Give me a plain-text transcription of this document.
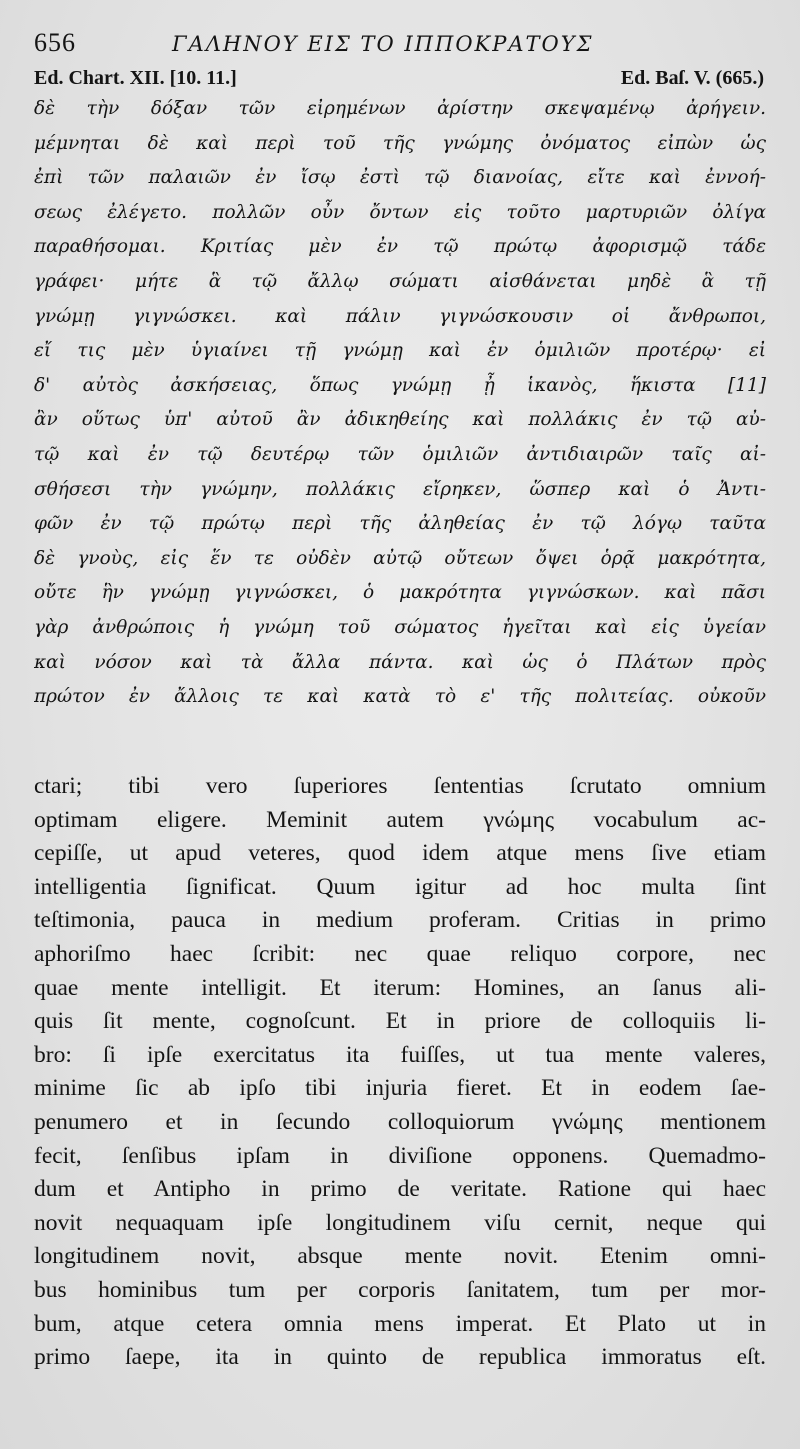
656	ΓΑΛΗΝΟΥ ΕΙΣ ΤΟ ΙΠΠΟΚΡΑΤΟΥΣ
Ed. Chart. XII. [10. 11.]	Ed. Baſ. V. (665.)
δὲ τὴν δόξαν τῶν εἰρημένων ἀρίστην σκεψαμένῳ ἀρήγειν.
μέμνηται δὲ καὶ περὶ τοῦ τῆς γνώμης ὀνόματος εἰπὼν ὡς
ἐπὶ τῶν παλαιῶν ἐν ἴσῳ ἐστὶ τῷ διανοίας, εἴτε καὶ ἐννοή-
σεως ἐλέγετο. πολλῶν οὖν ὄντων εἰς τοῦτο μαρτυριῶν ὀλίγα
παραθήσομαι. Κριτίας μὲν ἐν τῷ πρώτῳ ἀφορισμῷ τάδε
γράφει· μήτε ἃ τῷ ἄλλῳ σώματι αἰσθάνεται μηδὲ ἃ τῇ
γνώμῃ γιγνώσκει. καὶ πάλιν γιγνώσκουσιν οἱ ἄνθρωποι,
εἴ τις μὲν ὑγιαίνει τῇ γνώμῃ καὶ ἐν ὁμιλιῶν προτέρῳ· εἰ
δ' αὐτὸς ἀσκήσειας, ὅπως γνώμῃ ᾖ ἱκανὸς, ἥκιστα [11]
ἂν οὕτως ὑπ' αὐτοῦ ἂν ἀδικηθείης καὶ πολλάκις ἐν τῷ αὐ-
τῷ καὶ ἐν τῷ δευτέρῳ τῶν ὁμιλιῶν ἀντιδιαιρῶν ταῖς αἰ-
σθήσεσι τὴν γνώμην, πολλάκις εἴρηκεν, ὥσπερ καὶ ὁ Ἀντι-
φῶν ἐν τῷ πρώτῳ περὶ τῆς ἀληθείας ἐν τῷ λόγῳ ταῦτα
δὲ γνοὺς, εἰς ἕν τε οὐδὲν αὐτῷ οὔτεων ὄψει ὁρᾷ μακρότητα,
οὔτε ἣν γνώμῃ γιγνώσκει, ὁ μακρότητα γιγνώσκων. καὶ πᾶσι
γὰρ ἀνθρώποις ἡ γνώμη τοῦ σώματος ἡγεῖται καὶ εἰς ὑγείαν
καὶ νόσον καὶ τὰ ἄλλα πάντα. καὶ ὡς ὁ Πλάτων πρὸς
πρώτον ἐν ἄλλοις τε καὶ κατὰ τὸ ε' τῆς πολιτείας. οὐκοῦν
ctari; tibi vero ſuperiores ſententias ſcrutato omnium
optimam eligere. Meminit autem γνώμης vocabulum ac-
cepiſſe, ut apud veteres, quod idem atque mens ſive etiam
intelligentia ſignificat. Quum igitur ad hoc multa ſint
teſtimonia, pauca in medium proferam. Critias in primo
aphoriſmo haec ſcribit: nec quae reliquo corpore, nec
quae mente intelligit. Et iterum: Homines, an ſanus ali-
quis ſit mente, cognoſcunt. Et in priore de colloquiis li-
bro: ſi ipſe exercitatus ita fuiſſes, ut tua mente valeres,
minime ſic ab ipſo tibi injuria fieret. Et in eodem ſae-
penumero et in ſecundo colloquiorum γνώμης mentionem
fecit, ſenſibus ipſam in diviſione opponens. Quemadmo-
dum et Antipho in primo de veritate. Ratione qui haec
novit nequaquam ipſe longitudinem viſu cernit, neque qui
longitudinem novit, absque mente novit. Etenim omni-
bus hominibus tum per corporis ſanitatem, tum per mor-
bum, atque cetera omnia mens imperat. Et Plato ut in
primo ſaepe, ita in quinto de republica immoratus eſt.
